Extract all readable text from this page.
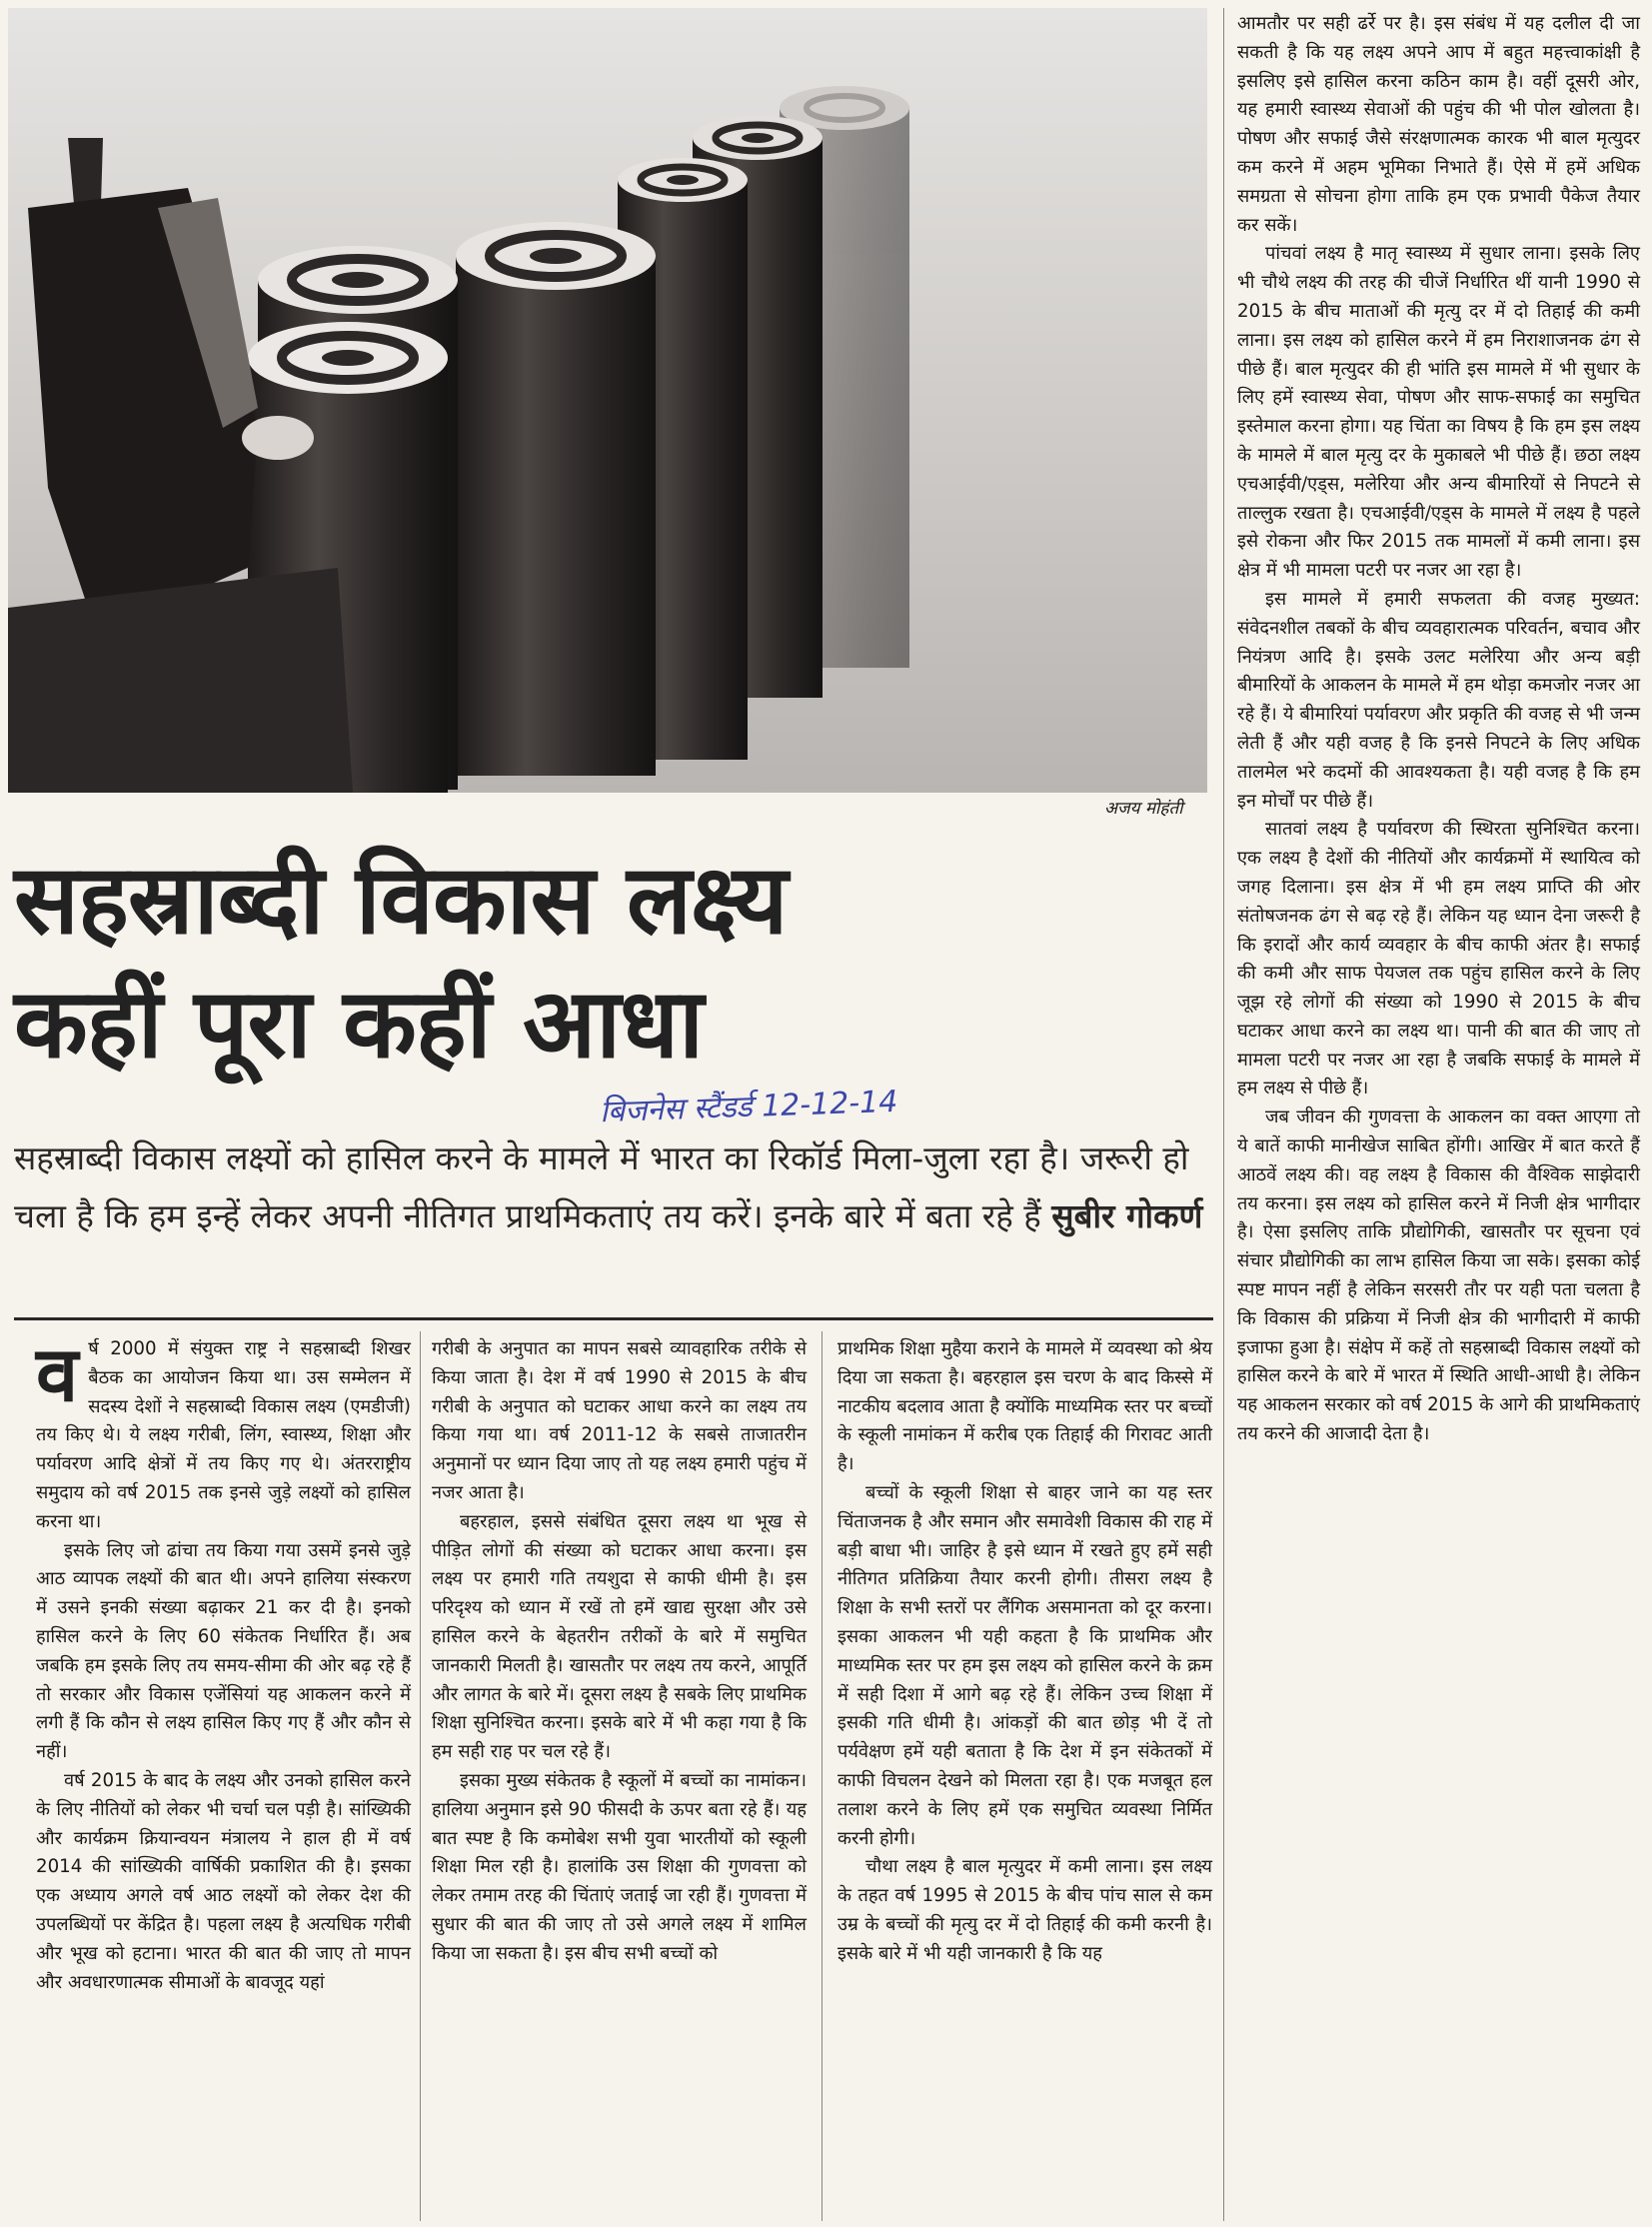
अजय मोहंती
सहस्राब्दी विकास लक्ष्य
कहीं पूरा कहीं आधा
बिजनेस स्टैंडर्ड 12-12-14
सहस्राब्दी विकास लक्ष्यों को हासिल करने के मामले में भारत का रिकॉर्ड मिला-जुला रहा है। जरूरी हो चला है कि हम इन्हें लेकर अपनी नीतिगत प्राथमिकताएं तय करें। इनके बारे में बता रहे हैं सुबीर गोकर्ण

वर्ष 2000 में संयुक्त राष्ट्र ने सहस्राब्दी शिखर बैठक का आयोजन किया था। उस सम्मेलन में सदस्य देशों ने सहस्राब्दी विकास लक्ष्य (एमडीजी) तय किए थे। ये लक्ष्य गरीबी, लिंग, स्वास्थ्य, शिक्षा और पर्यावरण आदि क्षेत्रों में तय किए गए थे। अंतरराष्ट्रीय समुदाय को वर्ष 2015 तक इनसे जुड़े लक्ष्यों को हासिल करना था।

इसके लिए जो ढांचा तय किया गया उसमें इनसे जुड़े आठ व्यापक लक्ष्यों की बात थी। अपने हालिया संस्करण में उसने इनकी संख्या बढ़ाकर 21 कर दी है। इनको हासिल करने के लिए 60 संकेतक निर्धारित हैं। अब जबकि हम इसके लिए तय समय-सीमा की ओर बढ़ रहे हैं तो सरकार और विकास एजेंसियां यह आकलन करने में लगी हैं कि कौन से लक्ष्य हासिल किए गए हैं और कौन से नहीं।

वर्ष 2015 के बाद के लक्ष्य और उनको हासिल करने के लिए नीतियों को लेकर भी चर्चा चल पड़ी है। सांख्यिकी और कार्यक्रम क्रियान्वयन मंत्रालय ने हाल ही में वर्ष 2014 की सांख्यिकी वार्षिकी प्रकाशित की है। इसका एक अध्याय अगले वर्ष आठ लक्ष्यों को लेकर देश की उपलब्धियों पर केंद्रित है। पहला लक्ष्य है अत्यधिक गरीबी और भूख को हटाना। भारत की बात की जाए तो मापन और अवधारणात्मक सीमाओं के बावजूद यहां

गरीबी के अनुपात का मापन सबसे व्यावहारिक तरीके से किया जाता है। देश में वर्ष 1990 से 2015 के बीच गरीबी के अनुपात को घटाकर आधा करने का लक्ष्य तय किया गया था। वर्ष 2011-12 के सबसे ताजातरीन अनुमानों पर ध्यान दिया जाए तो यह लक्ष्य हमारी पहुंच में नजर आता है।

बहरहाल, इससे संबंधित दूसरा लक्ष्य था भूख से पीड़ित लोगों की संख्या को घटाकर आधा करना। इस लक्ष्य पर हमारी गति तयशुदा से काफी धीमी है। इस परिदृश्य को ध्यान में रखें तो हमें खाद्य सुरक्षा और उसे हासिल करने के बेहतरीन तरीकों के बारे में समुचित जानकारी मिलती है। खासतौर पर लक्ष्य तय करने, आपूर्ति और लागत के बारे में। दूसरा लक्ष्य है सबके लिए प्राथमिक शिक्षा सुनिश्चित करना। इसके बारे में भी कहा गया है कि हम सही राह पर चल रहे हैं।

इसका मुख्य संकेतक है स्कूलों में बच्चों का नामांकन। हालिया अनुमान इसे 90 फीसदी के ऊपर बता रहे हैं। यह बात स्पष्ट है कि कमोबेश सभी युवा भारतीयों को स्कूली शिक्षा मिल रही है। हालांकि उस शिक्षा की गुणवत्ता को लेकर तमाम तरह की चिंताएं जताई जा रही हैं। गुणवत्ता में सुधार की बात की जाए तो उसे अगले लक्ष्य में शामिल किया जा सकता है। इस बीच सभी बच्चों को

प्राथमिक शिक्षा मुहैया कराने के मामले में व्यवस्था को श्रेय दिया जा सकता है। बहरहाल इस चरण के बाद किस्से में नाटकीय बदलाव आता है क्योंकि माध्यमिक स्तर पर बच्चों के स्कूली नामांकन में करीब एक तिहाई की गिरावट आती है।

बच्चों के स्कूली शिक्षा से बाहर जाने का यह स्तर चिंताजनक है और समान और समावेशी विकास की राह में बड़ी बाधा भी। जाहिर है इसे ध्यान में रखते हुए हमें सही नीतिगत प्रतिक्रिया तैयार करनी होगी। तीसरा लक्ष्य है शिक्षा के सभी स्तरों पर लैंगिक असमानता को दूर करना। इसका आकलन भी यही कहता है कि प्राथमिक और माध्यमिक स्तर पर हम इस लक्ष्य को हासिल करने के क्रम में सही दिशा में आगे बढ़ रहे हैं। लेकिन उच्च शिक्षा में इसकी गति धीमी है। आंकड़ों की बात छोड़ भी दें तो पर्यवेक्षण हमें यही बताता है कि देश में इन संकेतकों में काफी विचलन देखने को मिलता रहा है। एक मजबूत हल तलाश करने के लिए हमें एक समुचित व्यवस्था निर्मित करनी होगी।

चौथा लक्ष्य है बाल मृत्युदर में कमी लाना। इस लक्ष्य के तहत वर्ष 1995 से 2015 के बीच पांच साल से कम उम्र के बच्चों की मृत्यु दर में दो तिहाई की कमी करनी है। इसके बारे में भी यही जानकारी है कि यह

आमतौर पर सही ढर्रे पर है। इस संबंध में यह दलील दी जा सकती है कि यह लक्ष्य अपने आप में बहुत महत्त्वाकांक्षी है इसलिए इसे हासिल करना कठिन काम है। वहीं दूसरी ओर, यह हमारी स्वास्थ्य सेवाओं की पहुंच की भी पोल खोलता है। पोषण और सफाई जैसे संरक्षणात्मक कारक भी बाल मृत्युदर कम करने में अहम भूमिका निभाते हैं। ऐसे में हमें अधिक समग्रता से सोचना होगा ताकि हम एक प्रभावी पैकेज तैयार कर सकें।

पांचवां लक्ष्य है मातृ स्वास्थ्य में सुधार लाना। इसके लिए भी चौथे लक्ष्य की तरह की चीजें निर्धारित थीं यानी 1990 से 2015 के बीच माताओं की मृत्यु दर में दो तिहाई की कमी लाना। इस लक्ष्य को हासिल करने में हम निराशाजनक ढंग से पीछे हैं। बाल मृत्युदर की ही भांति इस मामले में भी सुधार के लिए हमें स्वास्थ्य सेवा, पोषण और साफ-सफाई का समुचित इस्तेमाल करना होगा। यह चिंता का विषय है कि हम इस लक्ष्य के मामले में बाल मृत्यु दर के मुकाबले भी पीछे हैं। छठा लक्ष्य एचआईवी/एड्स, मलेरिया और अन्य बीमारियों से निपटने से ताल्लुक रखता है। एचआईवी/एड्स के मामले में लक्ष्य है पहले इसे रोकना और फिर 2015 तक मामलों में कमी लाना। इस क्षेत्र में भी मामला पटरी पर नजर आ रहा है।

इस मामले में हमारी सफलता की वजह मुख्यत: संवेदनशील तबकों के बीच व्यवहारात्मक परिवर्तन, बचाव और नियंत्रण आदि है। इसके उलट मलेरिया और अन्य बड़ी बीमारियों के आकलन के मामले में हम थोड़ा कमजोर नजर आ रहे हैं। ये बीमारियां पर्यावरण और प्रकृति की वजह से भी जन्म लेती हैं और यही वजह है कि इनसे निपटने के लिए अधिक तालमेल भरे कदमों की आवश्यकता है। यही वजह है कि हम इन मोर्चों पर पीछे हैं।

सातवां लक्ष्य है पर्यावरण की स्थिरता सुनिश्चित करना। एक लक्ष्य है देशों की नीतियों और कार्यक्रमों में स्थायित्व को जगह दिलाना। इस क्षेत्र में भी हम लक्ष्य प्राप्ति की ओर संतोषजनक ढंग से बढ़ रहे हैं। लेकिन यह ध्यान देना जरूरी है कि इरादों और कार्य व्यवहार के बीच काफी अंतर है। सफाई की कमी और साफ पेयजल तक पहुंच हासिल करने के लिए जूझ रहे लोगों की संख्या को 1990 से 2015 के बीच घटाकर आधा करने का लक्ष्य था। पानी की बात की जाए तो मामला पटरी पर नजर आ रहा है जबकि सफाई के मामले में हम लक्ष्य से पीछे हैं।

जब जीवन की गुणवत्ता के आकलन का वक्त आएगा तो ये बातें काफी मानीखेज साबित होंगी। आखिर में बात करते हैं आठवें लक्ष्य की। वह लक्ष्य है विकास की वैश्विक साझेदारी तय करना। इस लक्ष्य को हासिल करने में निजी क्षेत्र भागीदार है। ऐसा इसलिए ताकि प्रौद्योगिकी, खासतौर पर सूचना एवं संचार प्रौद्योगिकी का लाभ हासिल किया जा सके। इसका कोई स्पष्ट मापन नहीं है लेकिन सरसरी तौर पर यही पता चलता है कि विकास की प्रक्रिया में निजी क्षेत्र की भागीदारी में काफी इजाफा हुआ है। संक्षेप में कहें तो सहस्राब्दी विकास लक्ष्यों को हासिल करने के बारे में भारत में स्थिति आधी-आधी है। लेकिन यह आकलन सरकार को वर्ष 2015 के आगे की प्राथमिकताएं तय करने की आजादी देता है।
